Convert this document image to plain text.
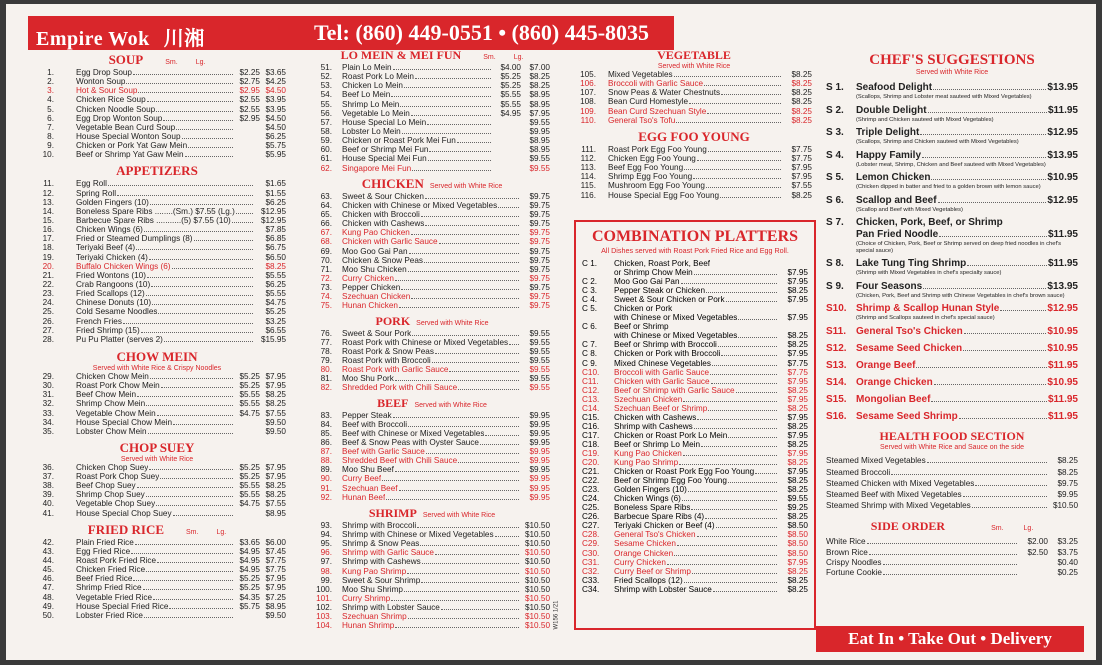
Empire Wok 川湘	Tel: (860) 449-0551 • (860) 445-8035
SOUP	Sm.	Lg.
1.	Egg Drop Soup	$2.25 $3.65
2.	Wonton Soup	$2.75 $4.25
3.	Hot & Sour Soup	$2.95 $4.50
4.	Chicken Rice Soup	$2.55 $3.95
5.	Chicken Noodle Soup	$2.55 $3.95
6.	Egg Drop Wonton Soup	$2.95 $4.50
7.	Vegetable Bean Curd Soup	$4.50
8.	House Special Wonton Soup	$6.25
9.	Chicken or Pork Yat Gaw Mein	$5.75
10.	Beef or Shrimp Yat Gaw Mein	$5.95
APPETIZERS
11.	Egg Roll	$1.65
12.	Spring Roll	$1.55
13.	Golden Fingers (10)	$6.25
14.	Boneless Spare Ribs ........(Sm.) $7.55 (Lg.)	$12.95
15.	Barbecue Spare Ribs ...........(5) $7.55 (10)	$12.95
16.	Chicken Wings (6)	$7.85
17.	Fried or Steamed Dumplings (8)	$6.85
18.	Teriyaki Beef (4)	$6.75
19.	Teriyaki Chicken (4)	$6.50
20.	Buffalo Chicken Wings (6)	$8.25
21.	Fried Wontons (10)	$5.55
22.	Crab Rangoons (10)	$6.25
23.	Fried Scallops (12)	$5.55
24.	Chinese Donuts (10)	$4.75
25.	Cold Sesame Noodles	$5.25
26.	French Fries	$3.25
27.	Fried Shrimp (15)	$6.55
28.	Pu Pu Platter (serves 2)	$15.95
CHOW MEIN
Served with White Rice & Crispy Noodles
29.	Chicken Chow Mein	$5.25 $7.95
30.	Roast Pork Chow Mein	$5.25 $7.95
31.	Beef Chow Mein	$5.55 $8.25
32.	Shrimp Chow Mein	$5.55 $8.25
33.	Vegetable Chow Mein	$4.75 $7.55
34.	House Special Chow Mein	$9.50
35.	Lobster Chow Mein	$9.50
CHOP SUEY
Served with White Rice
36.	Chicken Chop Suey	$5.25 $7.95
37.	Roast Pork Chop Suey	$5.25 $7.95
38.	Beef Chop Suey	$5.55 $8.25
39.	Shrimp Chop Suey	$5.55 $8.25
40.	Vegetable Chop Suey	$4.75 $7.55
41.	House Special Chop Suey	$8.95
FRIED RICE	Sm.	Lg.
42.	Plain Fried Rice	$3.65 $6.00
43.	Egg Fried Rice	$4.95 $7.45
44.	Roast Pork Fried Rice	$4.95 $7.75
45.	Chicken Fried Rice	$4.95 $7.75
46.	Beef Fried Rice	$5.25 $7.95
47.	Shrimp Fried Rice	$5.25 $7.95
48.	Vegetable Fried Rice	$4.35 $7.25
49.	House Special Fried Rice	$5.75 $8.95
50.	Lobster Fried Rice	$9.50
LO MEIN & MEI FUN	Sm.	Lg.
51. Plain Lo Mein	$4.00	$7.00
52. Roast Pork Lo Mein	$5.25	$8.25
53. Chicken Lo Mein	$5.25	$8.25
54. Beef Lo Mein	$5.55	$8.95
55. Shrimp Lo Mein	$5.55	$8.95
56. Vegetable Lo Mein	$4.95	$7.95
57. House Special Lo Mein	$9.55
58. Lobster Lo Mein	$9.95
59. Chicken or Roast Pork Mei Fun	$8.95
60. Beef or Shrimp Mei Fun	$8.95
61. House Special Mei Fun	$9.55
62. Singapore Mei Fun	$9.55
CHICKEN Served with White Rice
63. Sweet & Sour Chicken	$9.75
64. Chicken with Chinese or Mixed Vegetables	$9.75
65. Chicken with Broccoli	$9.75
66. Chicken with Cashews	$9.75
67. Kung Pao Chicken	$9.75
68. Chicken with Garlic Sauce	$9.75
69. Moo Goo Gai Pan	$9.75
70. Chicken & Snow Peas	$9.75
71. Moo Shu Chicken	$9.75
72. Curry Chicken	$9.75
73. Pepper Chicken	$9.75
74. Szechuan Chicken	$9.75
75. Hunan Chicken	$9.75
PORK Served with White Rice
76. Sweet & Sour Pork	$9.55
77. Roast Pork with Chinese or Mixed Vegetables	$9.55
78. Roast Pork & Snow Peas	$9.55
79. Roast Pork with Broccoli	$9.55
80. Roast Pork with Garlic Sauce	$9.55
81. Moo Shu Pork	$9.55
82. Shredded Pork with Chili Sauce	$9.55
BEEF Served with White Rice
83. Pepper Steak	$9.95
84. Beef with Broccoli	$9.95
85. Beef with Chinese or Mixed Vegetables	$9.95
86. Beef & Snow Peas with Oyster Sauce	$9.95
87. Beef with Garlic Sauce	$9.95
88. Shredded Beef with Chili Sauce	$9.95
89. Moo Shu Beef	$9.95
90. Curry Beef	$9.95
91. Szechuan Beef	$9.95
92. Hunan Beef	$9.95
SHRIMP Served with White Rice
93. Shrimp with Broccoli	$10.50
94. Shrimp with Chinese or Mixed Vegetables	$10.50
95. Shrimp & Snow Peas	$10.50
96. Shrimp with Garlic Sauce	$10.50
97. Shrimp with Cashews	$10.50
98. Kung Pao Shrimp	$10.50
99. Sweet & Sour Shrimp	$10.50
100. Moo Shu Shrimp	$10.50
101. Curry Shrimp	$10.50
102. Shrimp with Lobster Sauce	$10.50
103. Szechuan Shrimp	$10.50
104. Hunan Shrimp	$10.50
VEGETABLE
Served with White Rice
105. Mixed Vegetables	$8.25
106. Broccoli with Garlic Sauce	$8.25
107. Snow Peas & Water Chestnuts	$8.25
108. Bean Curd Homestyle	$8.25
109. Bean Curd Szechuan Style	$8.25
110. General Tso's Tofu	$8.25
EGG FOO YOUNG
111. Roast Pork Egg Foo Young	$7.75
112. Chicken Egg Foo Young	$7.75
113. Beef Egg Foo Young	$7.95
114. Shrimp Egg Foo Young	$7.95
115. Mushroom Egg Foo Young	$7.55
116. House Special Egg Foo Young	$8.25
COMBINATION PLATTERS
All Dishes served with Roast Pork Fried Rice and Egg Roll.
C 1.	Chicken, Roast Pork, Beef
or Shrimp Chow Mein	$7.95
C 2.	Moo Goo Gai Pan	$7.95
C 3.	Pepper Steak or Chicken	$8.25
C 4.	Sweet & Sour Chicken or Pork	$7.95
C 5.	Chicken or Pork
with Chinese or Mixed Vegetables	$7.95
C 6.	Beef or Shrimp
with Chinese or Mixed Vegetables	$8.25
C 7.	Beef or Shrimp with Broccoli	$8.25
C 8.	Chicken or Pork with Broccoli	$7.95
C 9.	Mixed Chinese Vegetables	$7.75
C10.	Broccoli with Garlic Sauce	$7.75
C11.	Chicken with Garlic Sauce	$7.95
C12.	Beef or Shrimp with Garlic Sauce	$8.25
C13.	Szechuan Chicken	$7.95
C14.	Szechuan Beef or Shrimp	$8.25
C15.	Chicken with Cashews	$7.95
C16.	Shrimp with Cashews	$8.25
C17.	Chicken or Roast Pork Lo Mein	$7.95
C18.	Beef or Shrimp Lo Mein	$8.25
C19.	Kung Pao Chicken	$7.95
C20.	Kung Pao Shrimp	$8.25
C21.	Chicken or Roast Pork Egg Foo Young	$7.95
C22.	Beef or Shrimp Egg Foo Young	$8.25
C23.	Golden Fingers (10)	$8.25
C24.	Chicken Wings (6)	$9.55
C25.	Boneless Spare Ribs	$9.25
C26.	Barbecue Spare Ribs (4)	$8.25
C27.	Teriyaki Chicken or Beef (4)	$8.50
C28.	General Tso's Chicken	$8.50
C29.	Sesame Chicken	$8.50
C30.	Orange Chicken	$8.50
C31.	Curry Chicken	$7.95
C32.	Curry Beef or Shrimp	$8.25
C33.	Fried Scallops (12)	$8.25
C34.	Shrimp with Lobster Sauce	$8.25
CHEF'S SUGGESTIONS
Served with White Rice
S 1.	Seafood Delight	$13.95
(Scallops, Shrimp and Lobster meat sauteed with Mixed Vegetables)
S 2.	Double Delight	$11.95
(Shrimp and Chicken sauteed with Mixed Vegetables)
S 3.	Triple Delight	$12.95
(Scallops, Shrimp and Chicken sauteed with Mixed Vegetables)
S 4.	Happy Family	$13.95
(Lobster meat, Shrimp, Chicken and Beef sauteed with Mixed Vegetables)
S 5.	Lemon Chicken	$10.95
(Chicken dipped in batter and fried to a golden brown with lemon sauce)
S 6.	Scallop and Beef	$12.95
(Scallop and Beef with Mixed Vegetables)
S 7.	Chicken, Pork, Beef, or Shrimp
Pan Fried Noodle	$11.95
(Choice of Chicken, Pork, Beef or Shrimp served on deep fried noodles in chef's special sauce)
S 8.	Lake Tung Ting Shrimp	$11.95
(Shrimp with Mixed Vegetables in chef's specialty sauce)
S 9.	Four Seasons	$13.95
(Chicken, Pork, Beef and Shrimp with Chinese Vegetables in chef's brown sauce)
S10. Shrimp & Scallop Hunan Style	$12.95
(Shrimp and Scallops sauteed in chef's special sauce)
S11. General Tso's Chicken	$10.95
S12. Sesame Seed Chicken	$10.95
S13. Orange Beef	$11.95
S14. Orange Chicken	$10.95
S15. Mongolian Beef	$11.95
S16. Sesame Seed Shrimp	$11.95
HEALTH FOOD SECTION
Served with White Rice and Sauce on the side
Steamed Mixed Vegetables	$8.25
Steamed Broccoli	$8.25
Steamed Chicken with Mixed Vegetables	$9.75
Steamed Beef with Mixed Vegetables	$9.95
Steamed Shrimp with Mixed Vegetables	$10.50
SIDE ORDER	Sm.	Lg.
White Rice	$2.00	$3.25
Brown Rice	$2.50	$3.75
Crispy Noodles	$0.40
Fortune Cookie	$0.25
Eat In • Take Out • Delivery
W156 1/21
